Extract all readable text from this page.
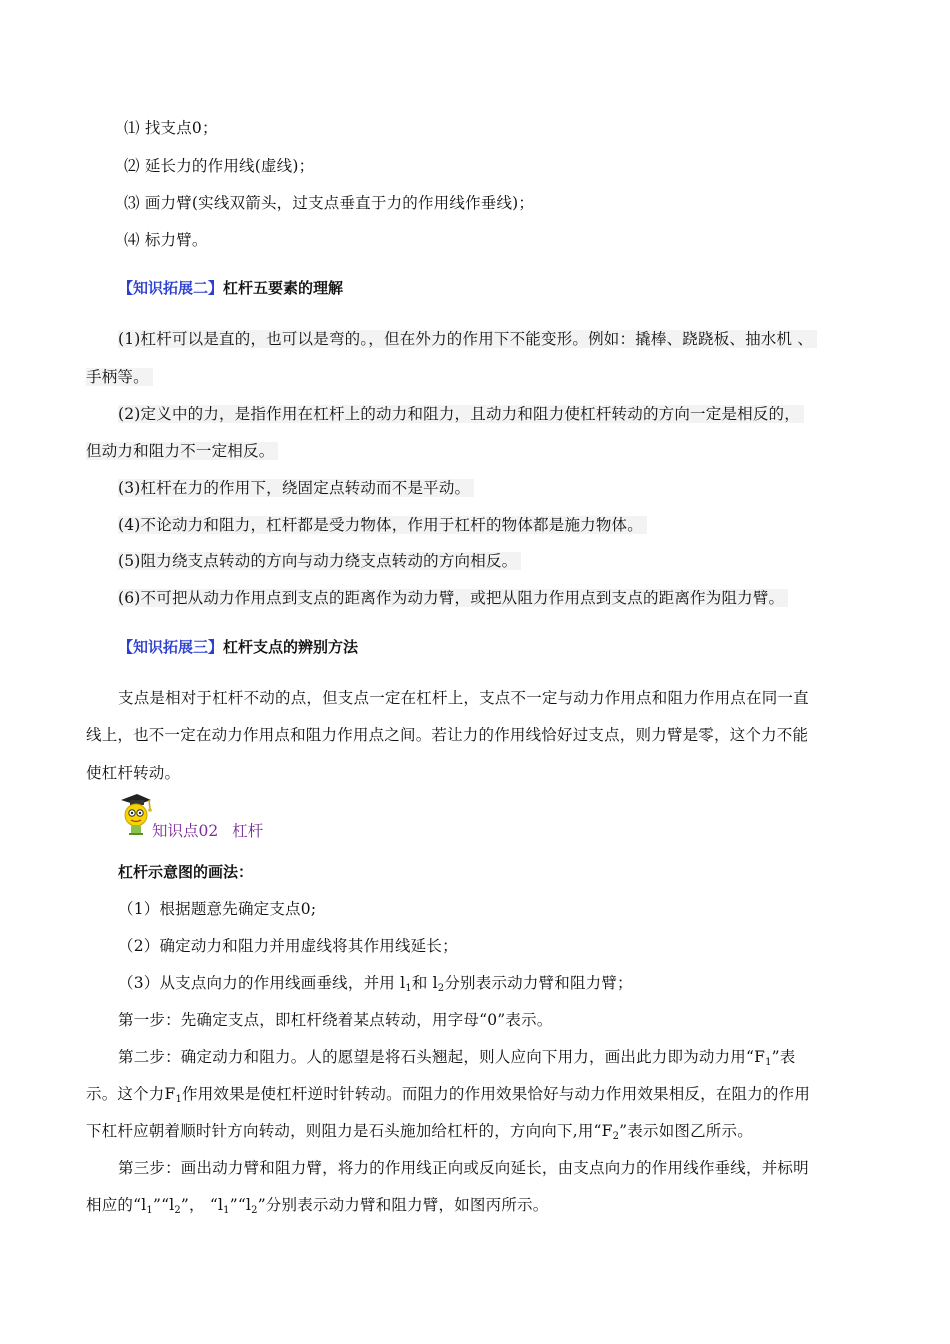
⑴ 找支点0；
⑵ 延长力的作用线(虚线)；
⑶ 画力臂(实线双箭头，过支点垂直于力的作用线作垂线)；
⑷ 标力臂。
【知识拓展二】杠杆五要素的理解
(1)杠杆可以是直的，也可以是弯的。，但在外力的作用下不能变形。例如：撬棒、跷跷板、抽水机 、
手柄等。
(2)定义中的力，是指作用在杠杆上的动力和阻力，且动力和阻力使杠杆转动的方向一定是相反的，
但动力和阻力不一定相反。
(3)杠杆在力的作用下，绕固定点转动而不是平动。
(4)不论动力和阻力，杠杆都是受力物体，作用于杠杆的物体都是施力物体。
(5)阻力绕支点转动的方向与动力绕支点转动的方向相反。
(6)不可把从动力作用点到支点的距离作为动力臂，或把从阻力作用点到支点的距离作为阻力臂。
【知识拓展三】杠杆支点的辨别方法
支点是相对于杠杆不动的点，但支点一定在杠杆上，支点不一定与动力作用点和阻力作用点在同一直
线上，也不一定在动力作用点和阻力作用点之间。若让力的作用线恰好过支点，则力臂是零，这个力不能
使杠杆转动。
知识点02 杠杆
杠杆示意图的画法：
（1）根据题意先确定支点0;
（2）确定动力和阻力并用虚线将其作用线延长；
（3）从支点向力的作用线画垂线，并用 $l_1$和 $l_2$分别表示动力臂和阻力臂；
第一步：先确定支点，即杠杆绕着某点转动，用字母“0”表示。
第二步：确定动力和阻力。人的愿望是将石头翘起，则人应向下用力，画出此力即为动力用“$F_1$”表
示。这个力$F_1$作用效果是使杠杆逆时针转动。而阻力的作用效果恰好与动力作用效果相反，在阻力的作用
下杠杆应朝着顺时针方向转动，则阻力是石头施加给杠杆的，方向向下,用“$F_2$”表示如图乙所示。
第三步：画出动力臂和阻力臂，将力的作用线正向或反向延长，由支点向力的作用线作垂线，并标明
相应的“$l_1”“l_2$”， “$l_1”“l_2$”分别表示动力臂和阻力臂，如图丙所示。
